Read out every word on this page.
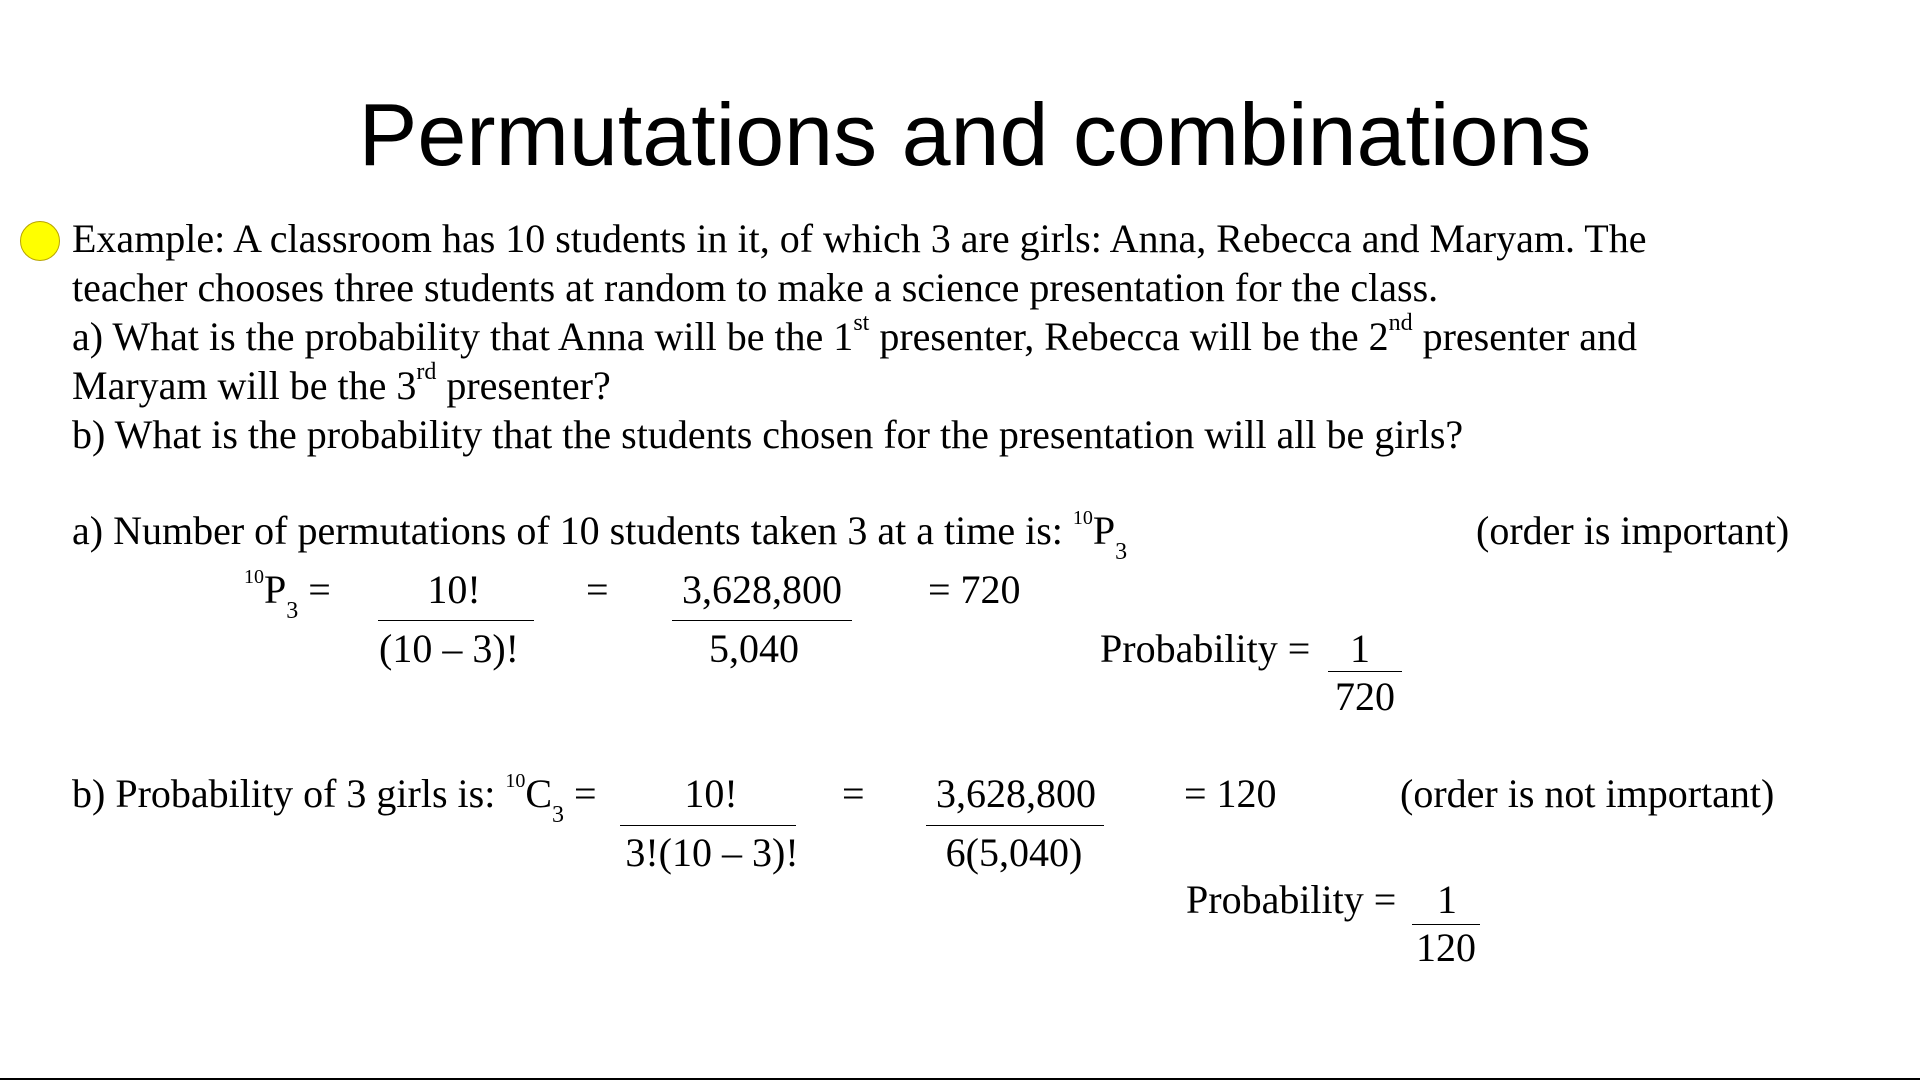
Permutations and combinations
Example: A classroom has 10 students in it, of which 3 are girls: Anna, Rebecca and Maryam. The
teacher chooses three students at random to make a science presentation for the class.
a) What is the probability that Anna will be the 1st presenter, Rebecca will be the 2nd presenter and
Maryam will be the 3rd presenter?
b) What is the probability that the students chosen for the presentation will all be girls?
a) Number of permutations of 10 students taken 3 at a time is: $^{10}P_3$	(order is important)
$^{10}P_3$ =	10!
(10 – 3)!
= 3,628,800
5,040
= 720
Probability = 1
720
b) Probability of 3 girls is: $^{10}C_3$ =	10!
3!(10 – 3)!
= 3,628,800
6(5,040)
= 120	(order is not important)
Probability =	1
120
